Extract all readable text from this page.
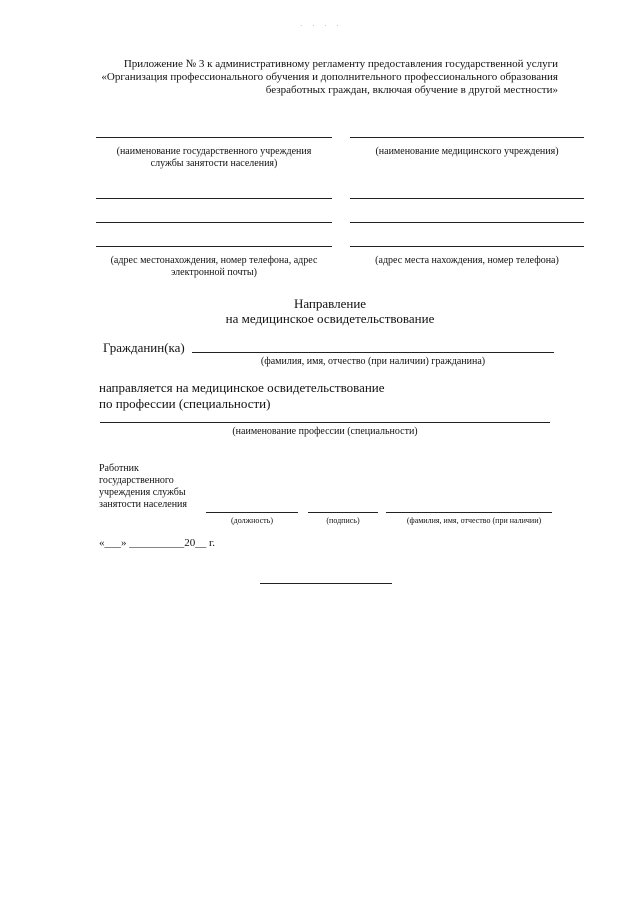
· · · ·
Приложение № 3 к административному регламенту предоставления государственной услуги
«Организация профессионального обучения и дополнительного профессионального образования
безработных граждан, включая обучение в другой местности»
(наименование государственного учреждения
службы занятости населения)
(наименование медицинского учреждения)
(адрес местонахождения, номер телефона, адрес
электронной почты)
(адрес места нахождения, номер телефона)
Направление
на медицинское освидетельствование
Гражданин(ка)
(фамилия, имя, отчество (при наличии) гражданина)
направляется на медицинское освидетельствование
по профессии (специальности)
(наименование профессии (специальности)
Работник
государственного
учреждения службы
занятости населения
(должность)	(подпись)	(фамилия, имя, отчество (при наличии)
«___» __________20__ г.
